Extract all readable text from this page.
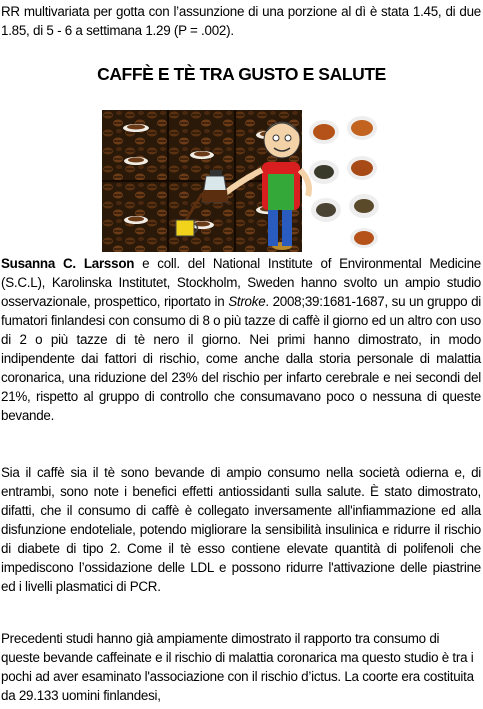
RR multivariata per gotta con l’assunzione di una porzione al dì è stata 1.45, di due 1.85, di 5 - 6 a settimana 1.29 (P = .002).

CAFFÈ E TÈ TRA GUSTO E SALUTE

Susanna C. Larsson e coll. del National Institute of Environmental Medicine (S.C.L), Karolinska Institutet, Stockholm, Sweden hanno svolto un ampio studio osservazionale, prospettico, riportato in Stroke. 2008;39:1681-1687, su un gruppo di fumatori finlandesi con consumo di 8 o più tazze di caffè il giorno ed un altro con uso di 2 o più tazze di tè nero il giorno. Nei primi hanno dimostrato, in modo indipendente dai fattori di rischio, come anche dalla storia personale di malattia coronarica, una riduzione del 23% del rischio per infarto cerebrale e nei secondi del 21%, rispetto al gruppo di controllo che consumavano poco o nessuna di queste bevande.

Sia il caffè sia il tè sono bevande di ampio consumo nella società odierna e, di entrambi, sono note i benefici effetti antiossidanti sulla salute. È stato dimostrato, difatti, che il consumo di caffè è collegato inversamente all'infiammazione ed alla disfunzione endoteliale, potendo migliorare la sensibilità insulinica e ridurre il rischio di diabete di tipo 2. Come il tè esso contiene elevate quantità di polifenoli che impediscono l’ossidazione delle LDL e possono ridurre l'attivazione delle piastrine ed i livelli plasmatici di PCR.

Precedenti studi hanno già ampiamente dimostrato il rapporto tra consumo di queste bevande caffeinate e il rischio di malattia coronarica ma questo studio è tra i pochi ad aver esaminato l'associazione con il rischio d’ictus. La coorte era costituita da 29.133 uomini finlandesi,
